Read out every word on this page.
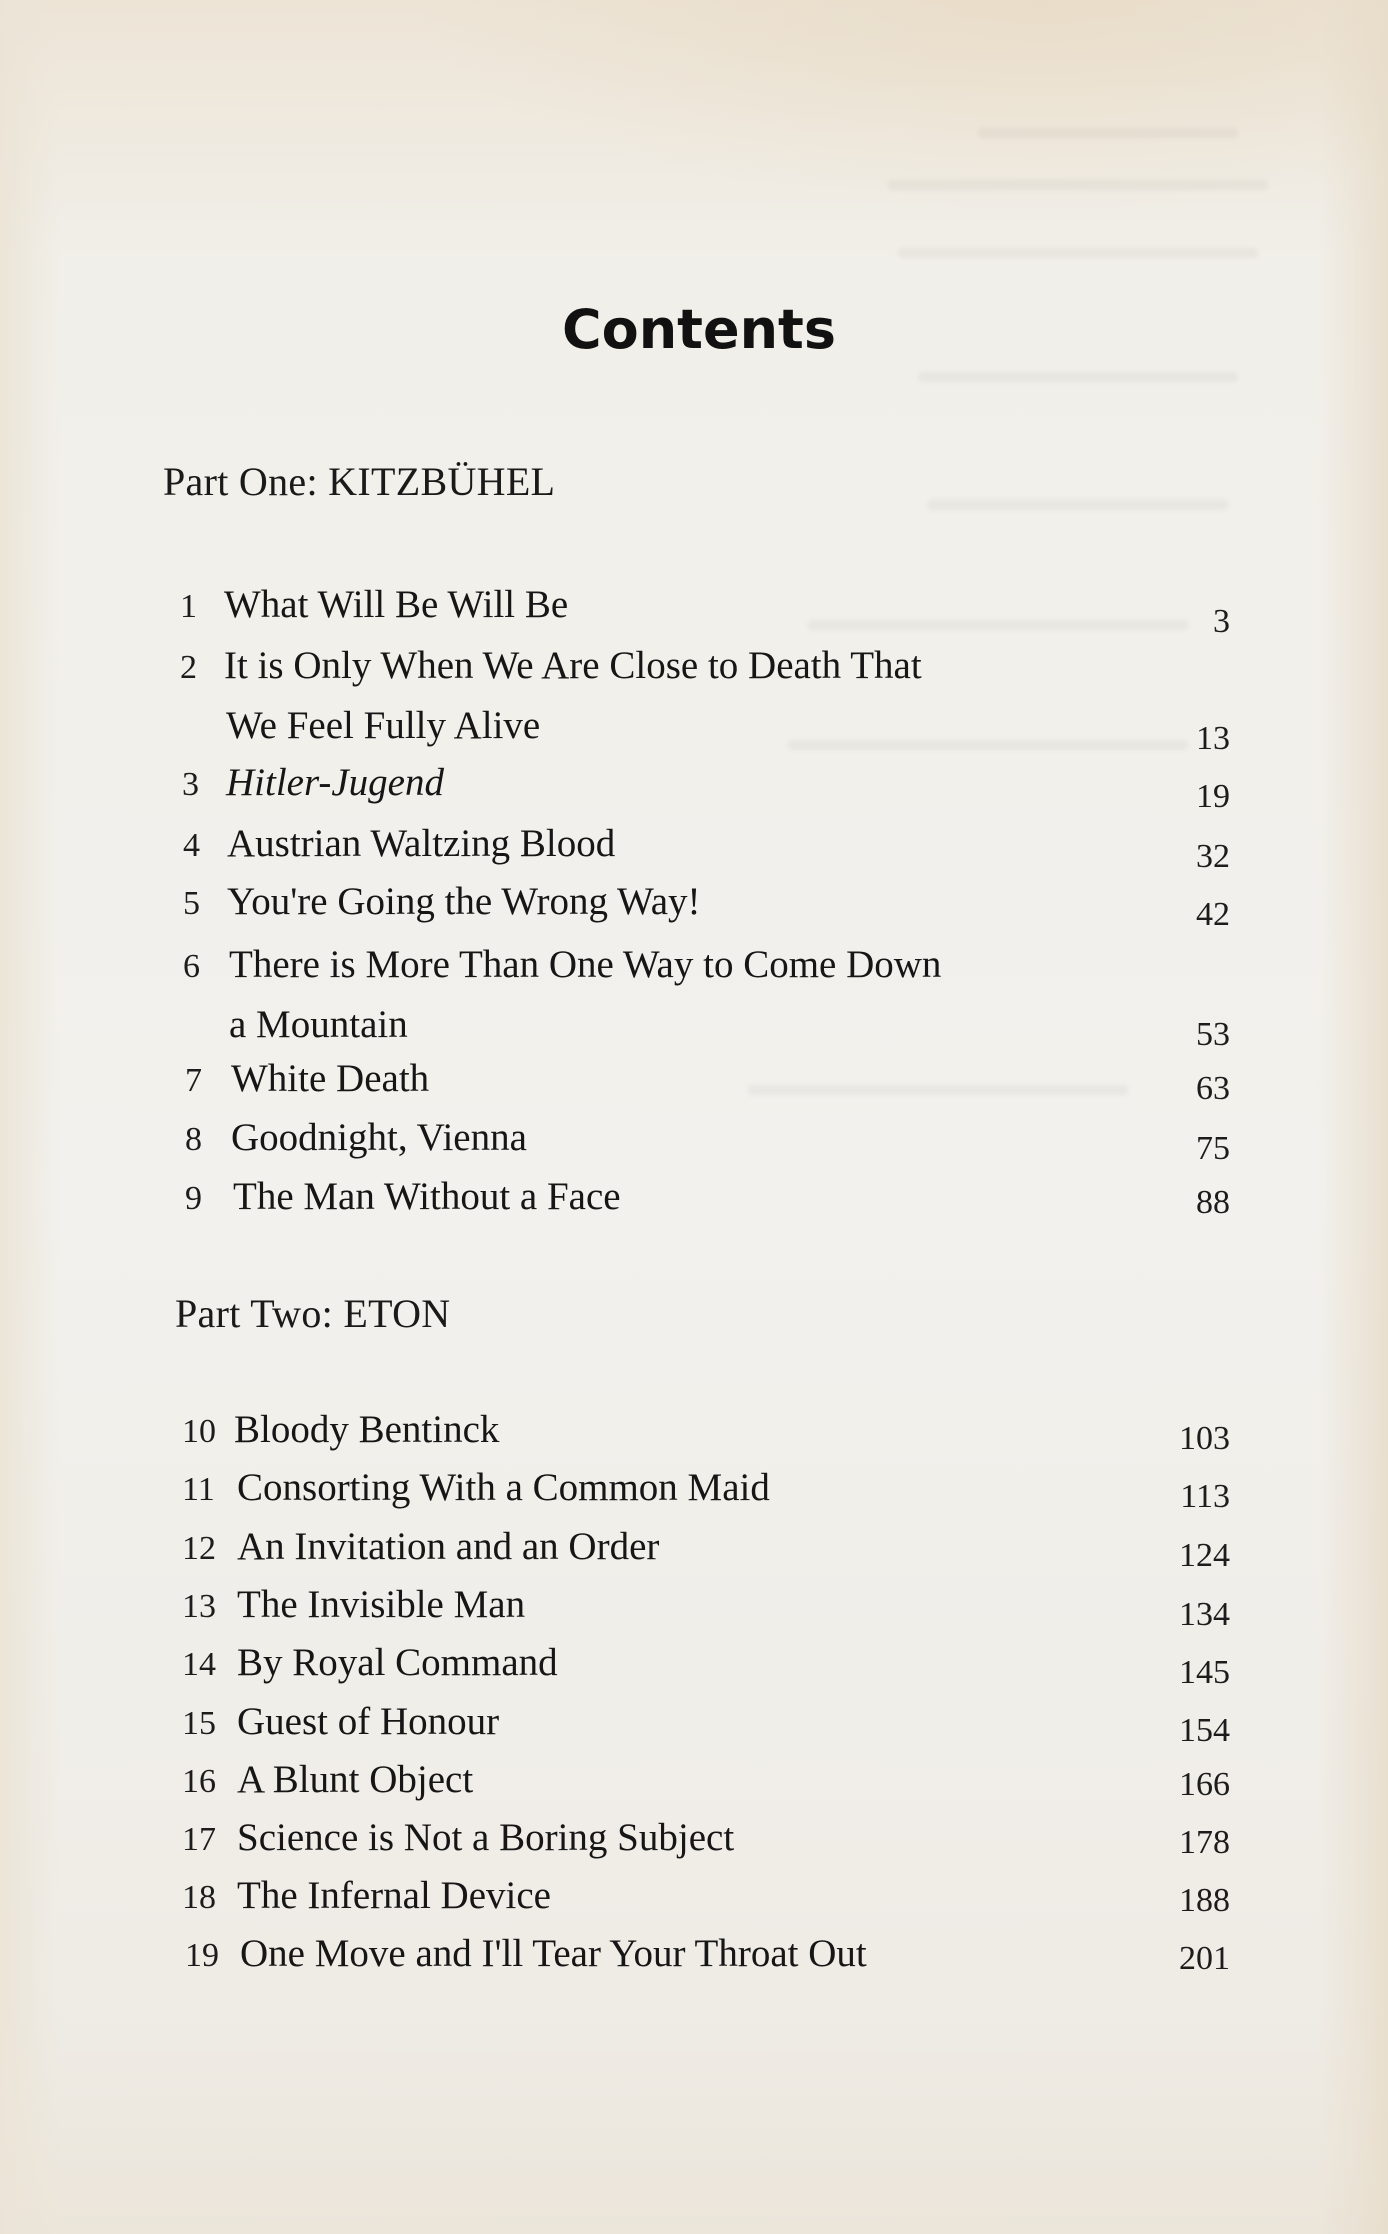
Contents
Part One: KITZBÜHEL
1 What Will Be Will Be	3
2 It is Only When We Are Close to Death That
We Feel Fully Alive	13
3 Hitler-Jugend	19
4 Austrian Waltzing Blood	32
5 You're Going the Wrong Way!	42
6 There is More Than One Way to Come Down
a Mountain	53
7 White Death	63
8 Goodnight, Vienna	75
9 The Man Without a Face	88
Part Two: ETON
10 Bloody Bentinck	103
11 Consorting With a Common Maid	113
12 An Invitation and an Order	124
13 The Invisible Man	134
14 By Royal Command	145
15 Guest of Honour	154
16 A Blunt Object	166
17 Science is Not a Boring Subject	178
18 The Infernal Device	188
19 One Move and I'll Tear Your Throat Out	201
